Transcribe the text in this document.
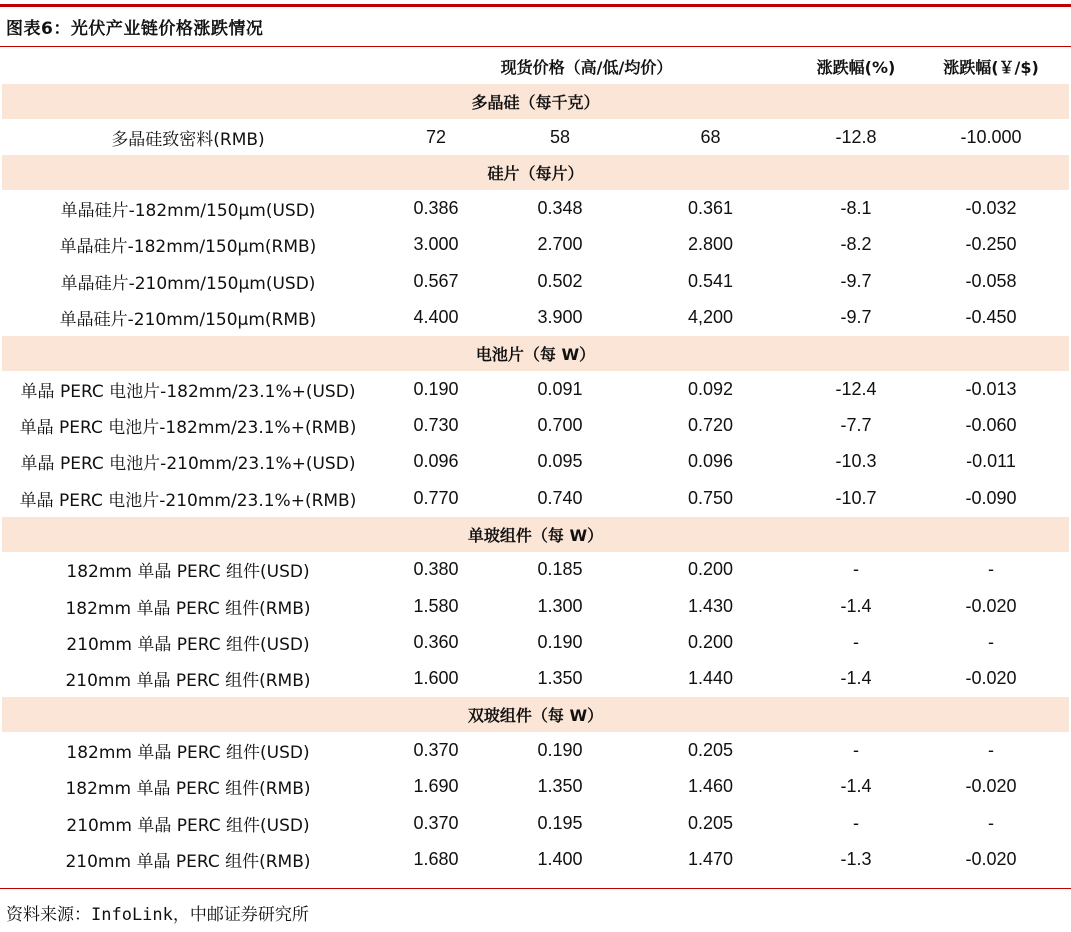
图表6：光伏产业链价格涨跌情况
	现货价格（高/低/均价）			涨跌幅(%)	涨跌幅(￥/$)
多晶硅（每千克）					
多晶硅致密料(RMB)	72	58	68	-12.8	-10.000
硅片（每片）					
单晶硅片-182mm/150μm(USD)	0.386	0.348	0.361	-8.1	-0.032
单晶硅片-182mm/150μm(RMB)	3.000	2.700	2.800	-8.2	-0.250
单晶硅片-210mm/150μm(USD)	0.567	0.502	0.541	-9.7	-0.058
单晶硅片-210mm/150μm(RMB)	4.400	3.900	4,200	-9.7	-0.450
电池片（每 W）					
单晶 PERC 电池片-182mm/23.1%+(USD)	0.190	0.091	0.092	-12.4	-0.013
单晶 PERC 电池片-182mm/23.1%+(RMB)	0.730	0.700	0.720	-7.7	-0.060
单晶 PERC 电池片-210mm/23.1%+(USD)	0.096	0.095	0.096	-10.3	-0.011
单晶 PERC 电池片-210mm/23.1%+(RMB)	0.770	0.740	0.750	-10.7	-0.090
单玻组件（每 W）					
182mm 单晶 PERC 组件(USD)	0.380	0.185	0.200	-	-
182mm 单晶 PERC 组件(RMB)	1.580	1.300	1.430	-1.4	-0.020
210mm 单晶 PERC 组件(USD)	0.360	0.190	0.200	-	-
210mm 单晶 PERC 组件(RMB)	1.600	1.350	1.440	-1.4	-0.020
双玻组件（每 W）					
182mm 单晶 PERC 组件(USD)	0.370	0.190	0.205	-	-
182mm 单晶 PERC 组件(RMB)	1.690	1.350	1.460	-1.4	-0.020
210mm 单晶 PERC 组件(USD)	0.370	0.195	0.205	-	-
210mm 单晶 PERC 组件(RMB)	1.680	1.400	1.470	-1.3	-0.020
资料来源：InfoLink，中邮证券研究所
